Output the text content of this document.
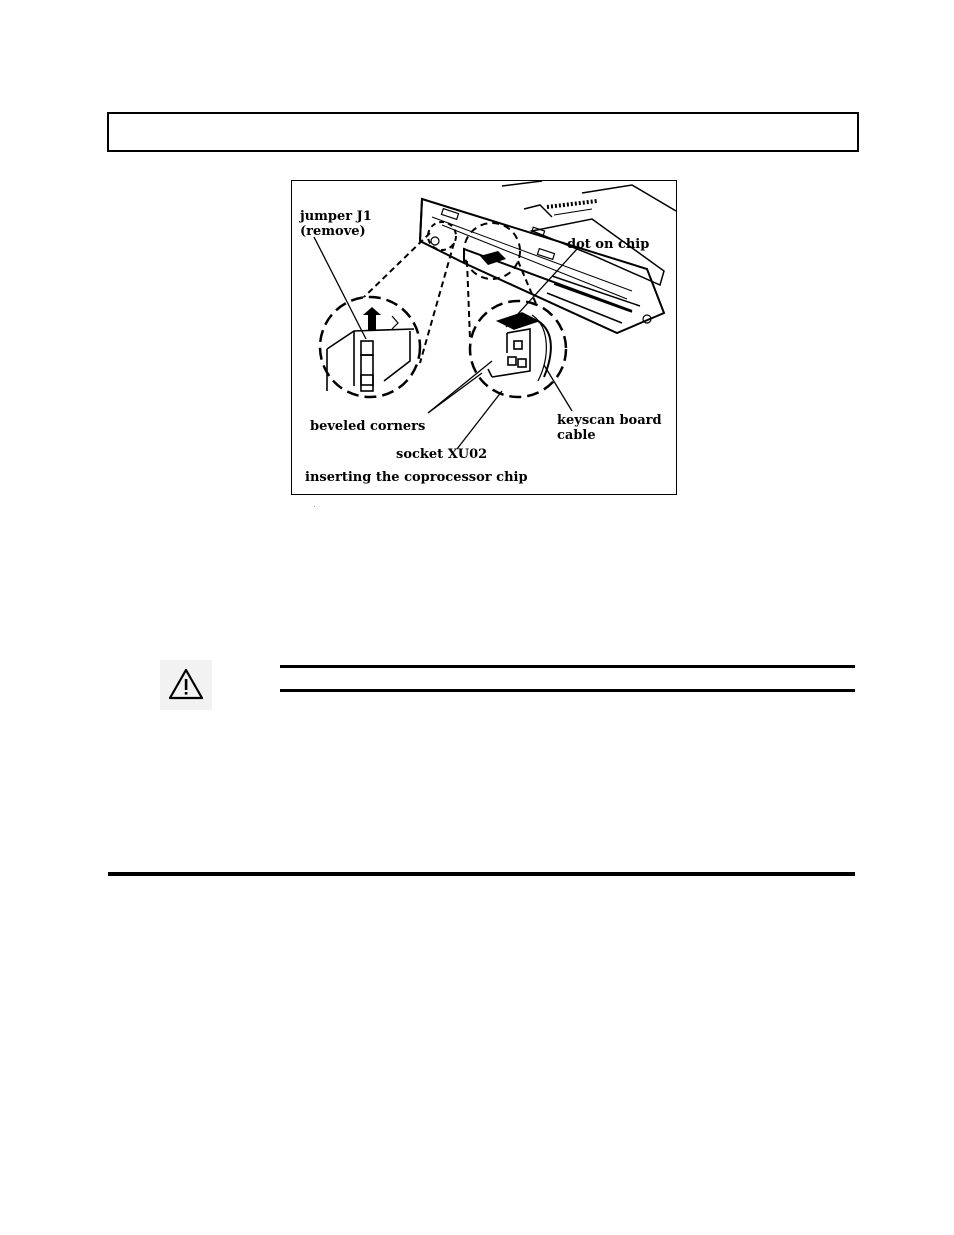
jumper J1
(remove)
dot on chip
beveled corners	keyscan board
cable
socket XU02
inserting the coprocessor chip
